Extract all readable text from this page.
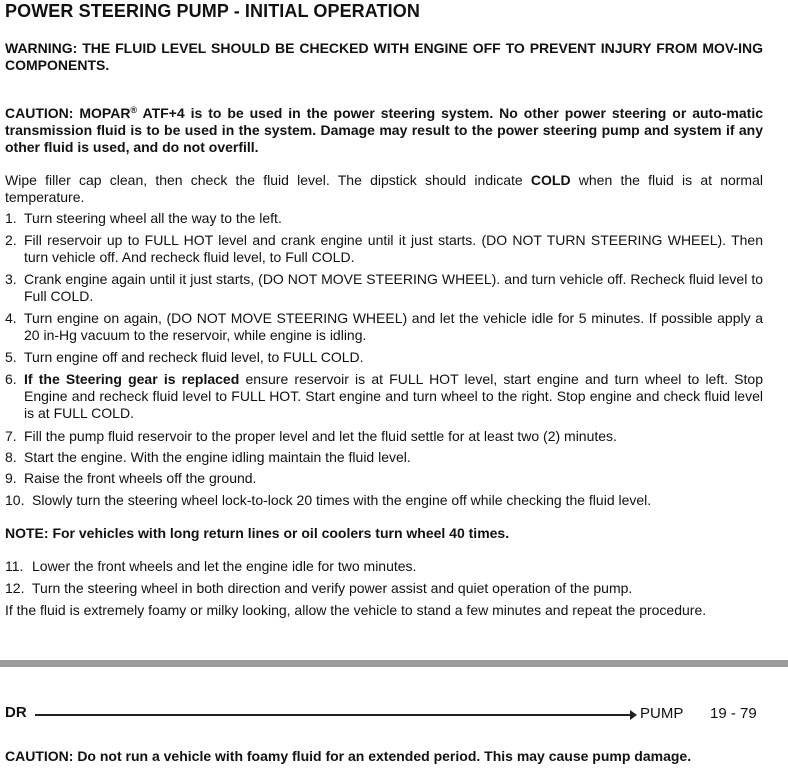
POWER STEERING PUMP - INITIAL OPERATION
WARNING: THE FLUID LEVEL SHOULD BE CHECKED WITH ENGINE OFF TO PREVENT INJURY FROM MOV-ING COMPONENTS.
CAUTION: MOPAR® ATF+4 is to be used in the power steering system. No other power steering or auto-matic transmission fluid is to be used in the system. Damage may result to the power steering pump and system if any other fluid is used, and do not overfill.
Wipe filler cap clean, then check the fluid level. The dipstick should indicate COLD when the fluid is at normal temperature.
1. Turn steering wheel all the way to the left.
2. Fill reservoir up to FULL HOT level and crank engine until it just starts. (DO NOT TURN STEERING WHEEL). Then turn vehicle off. And recheck fluid level, to Full COLD.
3. Crank engine again until it just starts, (DO NOT MOVE STEERING WHEEL). and turn vehicle off. Recheck fluid level to Full COLD.
4. Turn engine on again, (DO NOT MOVE STEERING WHEEL) and let the vehicle idle for 5 minutes. If possible apply a 20 in-Hg vacuum to the reservoir, while engine is idling.
5. Turn engine off and recheck fluid level, to FULL COLD.
6. If the Steering gear is replaced ensure reservoir is at FULL HOT level, start engine and turn wheel to left. Stop Engine and recheck fluid level to FULL HOT. Start engine and turn wheel to the right. Stop engine and check fluid level is at FULL COLD.
7. Fill the pump fluid reservoir to the proper level and let the fluid settle for at least two (2) minutes.
8. Start the engine. With the engine idling maintain the fluid level.
9. Raise the front wheels off the ground.
10. Slowly turn the steering wheel lock-to-lock 20 times with the engine off while checking the fluid level.
NOTE: For vehicles with long return lines or oil coolers turn wheel 40 times.
11. Lower the front wheels and let the engine idle for two minutes.
12. Turn the steering wheel in both direction and verify power assist and quiet operation of the pump.
If the fluid is extremely foamy or milky looking, allow the vehicle to stand a few minutes and repeat the procedure.
DR	PUMP 19 - 79
CAUTION: Do not run a vehicle with foamy fluid for an extended period. This may cause pump damage.
